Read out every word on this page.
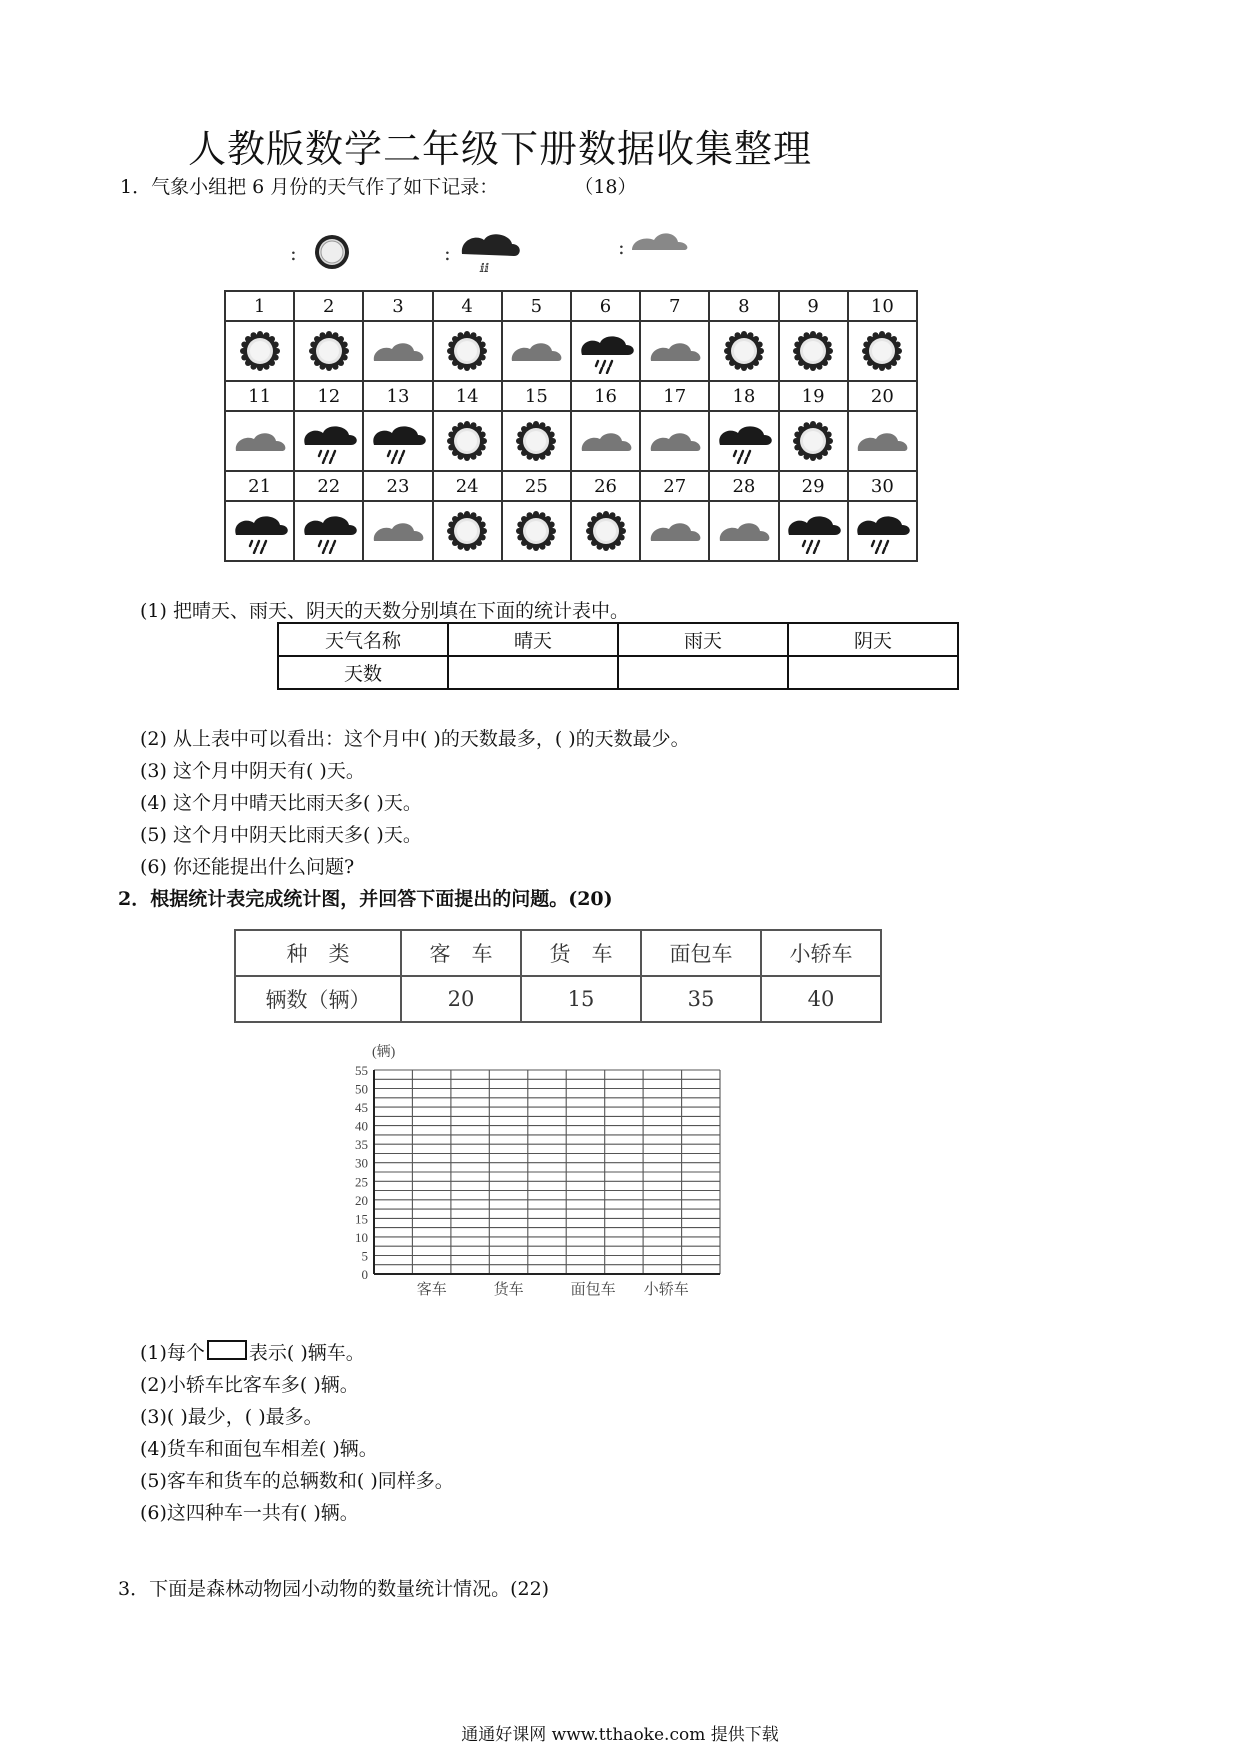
人教版数学二年级下册数据收集整理
1．气象小组把 6 月份的天气作了如下记录：	（18）
:	:
ⅈⅈ
:
1	2	3	4	5	6	7	8	9	10

11	12	13	14	15	16	17	18	19	20

21	22	23	24	25	26	27	28	29	30

(1) 把晴天、雨天、阴天的天数分别填在下面的统计表中。
天气名称	晴天	雨天	阴天
天数			
(2) 从上表中可以看出：这个月中( )的天数最多，( )的天数最少。
(3) 这个月中阴天有( )天。
(4) 这个月中晴天比雨天多( )天。
(5) 这个月中阴天比雨天多( )天。
(6) 你还能提出什么问题?
2．根据统计表完成统计图，并回答下面提出的问题。(20)
种　类	客　车	货　车	面包车	小轿车
辆数（辆）	20	15	35	40
(辆)
0
5
10
15
20
25
30
35
40
45
50
55
客车	货车	面包车 小轿车
(1)每个 表示( )辆车。
(2)小轿车比客车多( )辆。
(3)( )最少，( )最多。
(4)货车和面包车相差( )辆。
(5)客车和货车的总辆数和( )同样多。
(6)这四种车一共有( )辆。
3．下面是森林动物园小动物的数量统计情况。(22)
通通好课网 www.tthaoke.com 提供下载
